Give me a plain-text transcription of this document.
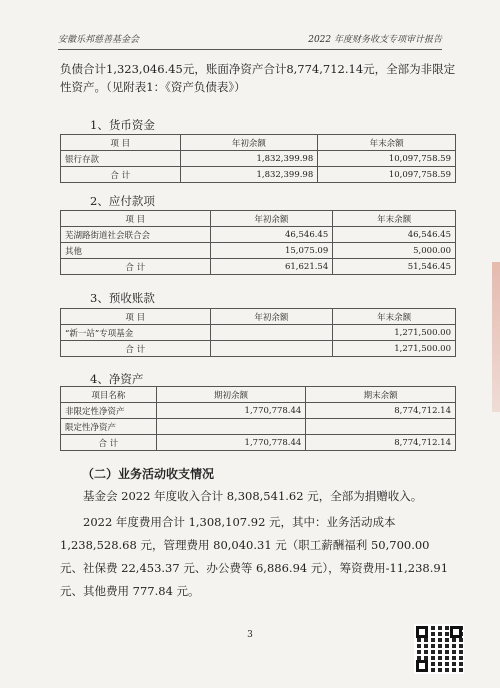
安徽乐邦慈善基金会	2022 年度财务收支专项审计报告
负债合计1,323,046.45元，账面净资产合计8,774,712.14元，全部为非限定性资产。（见附表1：《资产负债表》）
1、货币资金
项 目	年初余额	年末余额
银行存款	1,832,399.98	10,097,758.59
合 计	1,832,399.98	10,097,758.59
2、应付款项
项 目	年初余额	年末余额
芜湖路街道社会联合会	46,546.45	46,546.45
其他	15,075.09	5,000.00
合 计	61,621.54	51,546.45
3、预收账款
项 目	年初余额	年末余额
“新一站”专项基金		1,271,500.00
合 计		1,271,500.00
4、净资产
项目名称	期初余额	期末余额
非限定性净资产	1,770,778.44	8,774,712.14
限定性净资产		
合 计	1,770,778.44	8,774,712.14
（二）业务活动收支情况
基金会 2022 年度收入合计 8,308,541.62 元，全部为捐赠收入。
2022 年度费用合计 1,308,107.92 元，其中：业务活动成本 1,238,528.68 元，管理费用 80,040.31 元（职工薪酬福利 50,700.00 元、社保费 22,453.37 元、办公费等 6,886.94 元），筹资费用-11,238.91 元、其他费用 777.84 元。
3
